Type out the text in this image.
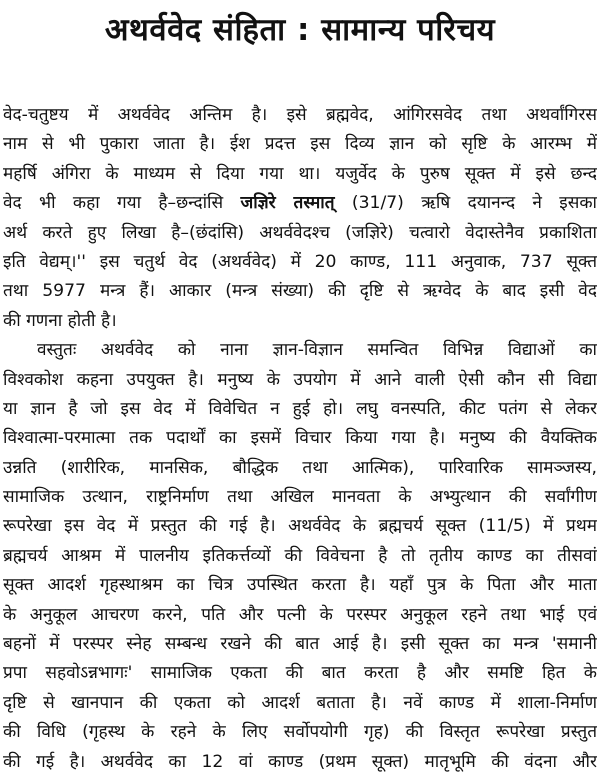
अथर्ववेद संहिता : सामान्य परिचय
वेद-चतुष्टय में अथर्ववेद अन्तिम है। इसे ब्रह्मवेद, आंगिरसवेद तथा अथर्वांगिरस
नाम से भी पुकारा जाता है। ईश प्रदत्त इस दिव्य ज्ञान को सृष्टि के आरम्भ में
महर्षि अंगिरा के माध्यम से दिया गया था। यजुर्वेद के पुरुष सूक्त में इसे छन्द
वेद भी कहा गया है–छन्दांसि जज्ञिरे तस्मात् (31/7) ऋषि दयानन्द ने इसका
अर्थ करते हुए लिखा है–(छंदांसि) अथर्ववेदश्च (जज्ञिरे) चत्वारो वेदास्तेनैव प्रकाशिता
इति वेद्यम्।'' इस चतुर्थ वेद (अथर्ववेद) में 20 काण्ड, 111 अनुवाक, 737 सूक्त
तथा 5977 मन्त्र हैं। आकार (मन्त्र संख्या) की दृष्टि से ऋग्वेद के बाद इसी वेद
की गणना होती है।
वस्तुतः अथर्ववेद को नाना ज्ञान-विज्ञान समन्वित विभिन्न विद्याओं का
विश्वकोश कहना उपयुक्त है। मनुष्य के उपयोग में आने वाली ऐसी कौन सी विद्या
या ज्ञान है जो इस वेद में विवेचित न हुई हो। लघु वनस्पति, कीट पतंग से लेकर
विश्वात्मा-परमात्मा तक पदार्थों का इसमें विचार किया गया है। मनुष्य की वैयक्तिक
उन्नति (शारीरिक, मानसिक, बौद्धिक तथा आत्मिक), पारिवारिक सामञ्जस्य,
सामाजिक उत्थान, राष्ट्रनिर्माण तथा अखिल मानवता के अभ्युत्थान की सर्वांगीण
रूपरेखा इस वेद में प्रस्तुत की गई है। अथर्ववेद के ब्रह्मचर्य सूक्त (11/5) में प्रथम
ब्रह्मचर्य आश्रम में पालनीय इतिकर्त्तव्यों की विवेचना है तो तृतीय काण्ड का तीसवां
सूक्त आदर्श गृहस्थाश्रम का चित्र उपस्थित करता है। यहाँ पुत्र के पिता और माता
के अनुकूल आचरण करने, पति और पत्नी के परस्पर अनुकूल रहने तथा भाई एवं
बहनों में परस्पर स्नेह सम्बन्ध रखने की बात आई है। इसी सूक्त का मन्त्र 'समानी
प्रपा सहवोऽन्नभागः' सामाजिक एकता की बात करता है और समष्टि हित के
दृष्टि से खानपान की एकता को आदर्श बताता है। नवें काण्ड में शाला-निर्माण
की विधि (गृहस्थ के रहने के लिए सर्वोपयोगी गृह) की विस्तृत रूपरेखा प्रस्तुत
की गई है। अथर्ववेद का 12 वां काण्ड (प्रथम सूक्त) मातृभूमि की वंदना और
